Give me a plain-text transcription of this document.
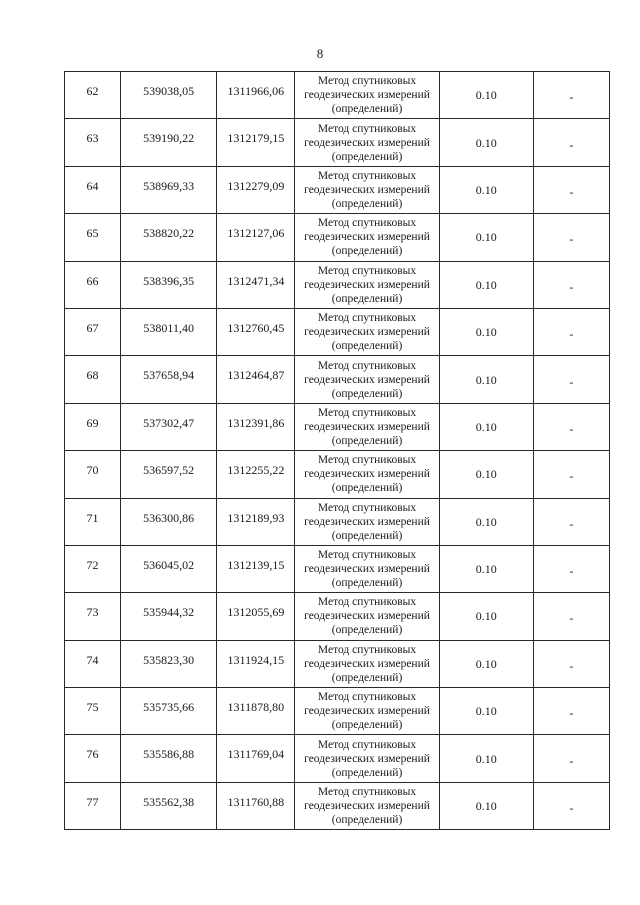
8
62	539038,05	1311966,06	Метод спутниковых
геодезических измерений
(определений)	0.10	-

63	539190,22	1312179,15	Метод спутниковых
геодезических измерений
(определений)	0.10	-

64	538969,33	1312279,09	Метод спутниковых
геодезических измерений
(определений)	0.10	-

65	538820,22	1312127,06	Метод спутниковых
геодезических измерений
(определений)	0.10	-

66	538396,35	1312471,34	Метод спутниковых
геодезических измерений
(определений)	0.10	-

67	538011,40	1312760,45	Метод спутниковых
геодезических измерений
(определений)	0.10	-

68	537658,94	1312464,87	Метод спутниковых
геодезических измерений
(определений)	0.10	-

69	537302,47	1312391,86	Метод спутниковых
геодезических измерений
(определений)	0.10	-

70	536597,52	1312255,22	Метод спутниковых
геодезических измерений
(определений)	0.10	-

71	536300,86	1312189,93	Метод спутниковых
геодезических измерений
(определений)	0.10	-

72	536045,02	1312139,15	Метод спутниковых
геодезических измерений
(определений)	0.10	-

73	535944,32	1312055,69	Метод спутниковых
геодезических измерений
(определений)	0.10	-

74	535823,30	1311924,15	Метод спутниковых
геодезических измерений
(определений)	0.10	-

75	535735,66	1311878,80	Метод спутниковых
геодезических измерений
(определений)	0.10	-

76	535586,88	1311769,04	Метод спутниковых
геодезических измерений
(определений)	0.10	-

77	535562,38	1311760,88	Метод спутниковых
геодезических измерений
(определений)	0.10	-
